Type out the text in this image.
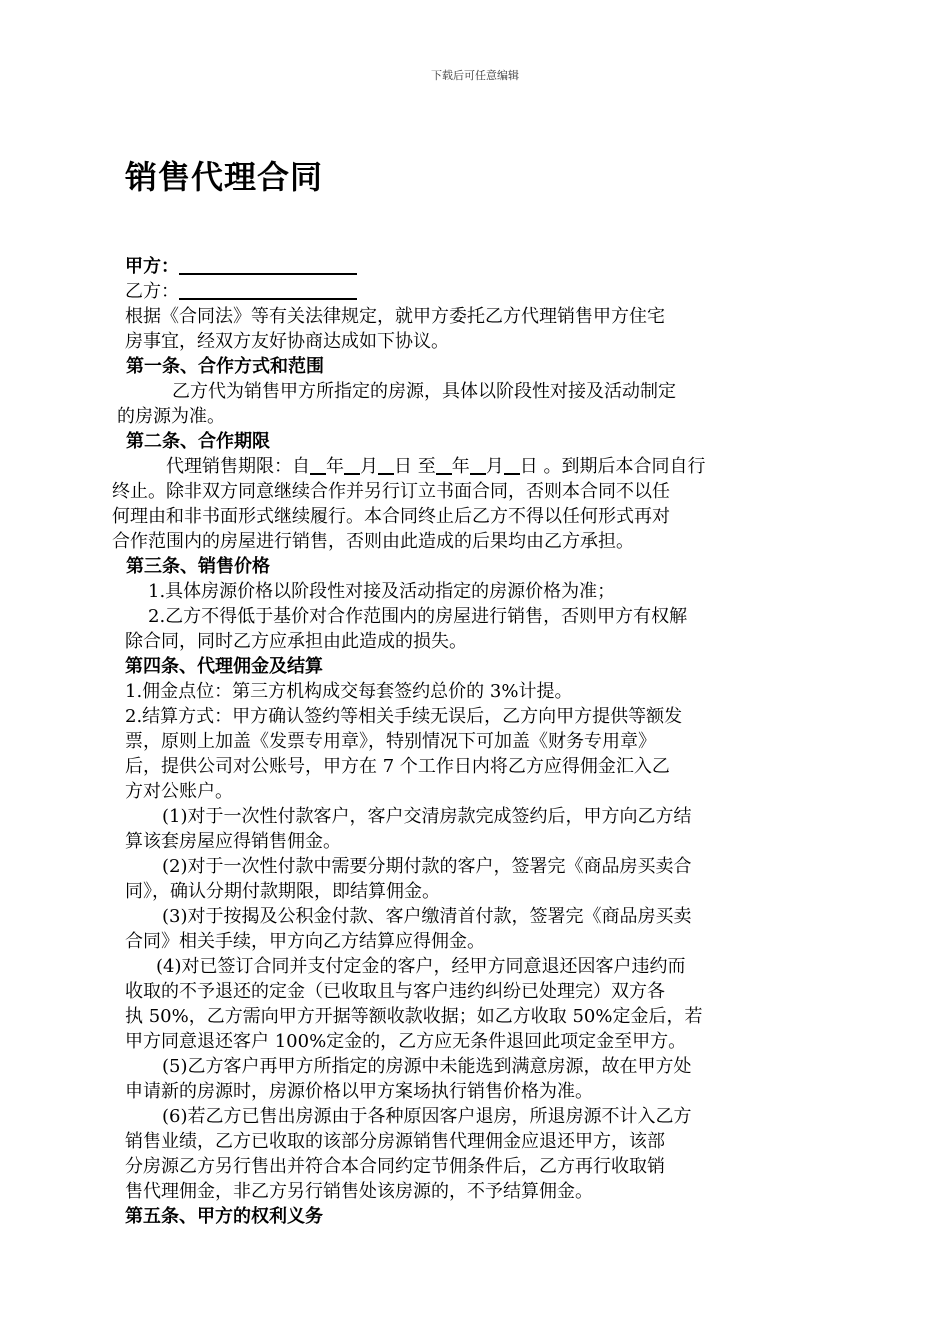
下载后可任意编辑
销售代理合同

甲方：

乙方：

根据《合同法》等有关法律规定，就甲方委托乙方代理销售甲方住宅

房事宜，经双方友好协商达成如下协议。

第一条、合作方式和范围

乙方代为销售甲方所指定的房源，具体以阶段性对接及活动制定

的房源为准。

第二条、合作期限

代理销售期限：自 年 月 日 至 年 月 日 。到期后本合同自行

终止。除非双方同意继续合作并另行订立书面合同，否则本合同不以任

何理由和非书面形式继续履行。本合同终止后乙方不得以任何形式再对

合作范围内的房屋进行销售，否则由此造成的后果均由乙方承担。

第三条、销售价格

1.具体房源价格以阶段性对接及活动指定的房源价格为准；

2.乙方不得低于基价对合作范围内的房屋进行销售，否则甲方有权解

除合同，同时乙方应承担由此造成的损失。

第四条、代理佣金及结算

1.佣金点位：第三方机构成交每套签约总价的 3%计提。

2.结算方式：甲方确认签约等相关手续无误后，乙方向甲方提供等额发

票，原则上加盖《发票专用章》，特别情况下可加盖《财务专用章》

后，提供公司对公账号，甲方在 7 个工作日内将乙方应得佣金汇入乙

方对公账户。

(1)对于一次性付款客户，客户交清房款完成签约后，甲方向乙方结

算该套房屋应得销售佣金。

(2)对于一次性付款中需要分期付款的客户，签署完《商品房买卖合

同》，确认分期付款期限，即结算佣金。

(3)对于按揭及公积金付款、客户缴清首付款，签署完《商品房买卖

合同》相关手续，甲方向乙方结算应得佣金。

(4)对已签订合同并支付定金的客户，经甲方同意退还因客户违约而

收取的不予退还的定金（已收取且与客户违约纠纷已处理完）双方各

执 50%，乙方需向甲方开据等额收款收据；如乙方收取 50%定金后，若

甲方同意退还客户 100%定金的，乙方应无条件退回此项定金至甲方。

(5)乙方客户再甲方所指定的房源中未能选到满意房源，故在甲方处

申请新的房源时，房源价格以甲方案场执行销售价格为准。

(6)若乙方已售出房源由于各种原因客户退房，所退房源不计入乙方

销售业绩，乙方已收取的该部分房源销售代理佣金应退还甲方，该部

分房源乙方另行售出并符合本合同约定节佣条件后，乙方再行收取销

售代理佣金，非乙方另行销售处该房源的，不予结算佣金。

第五条、甲方的权利义务
